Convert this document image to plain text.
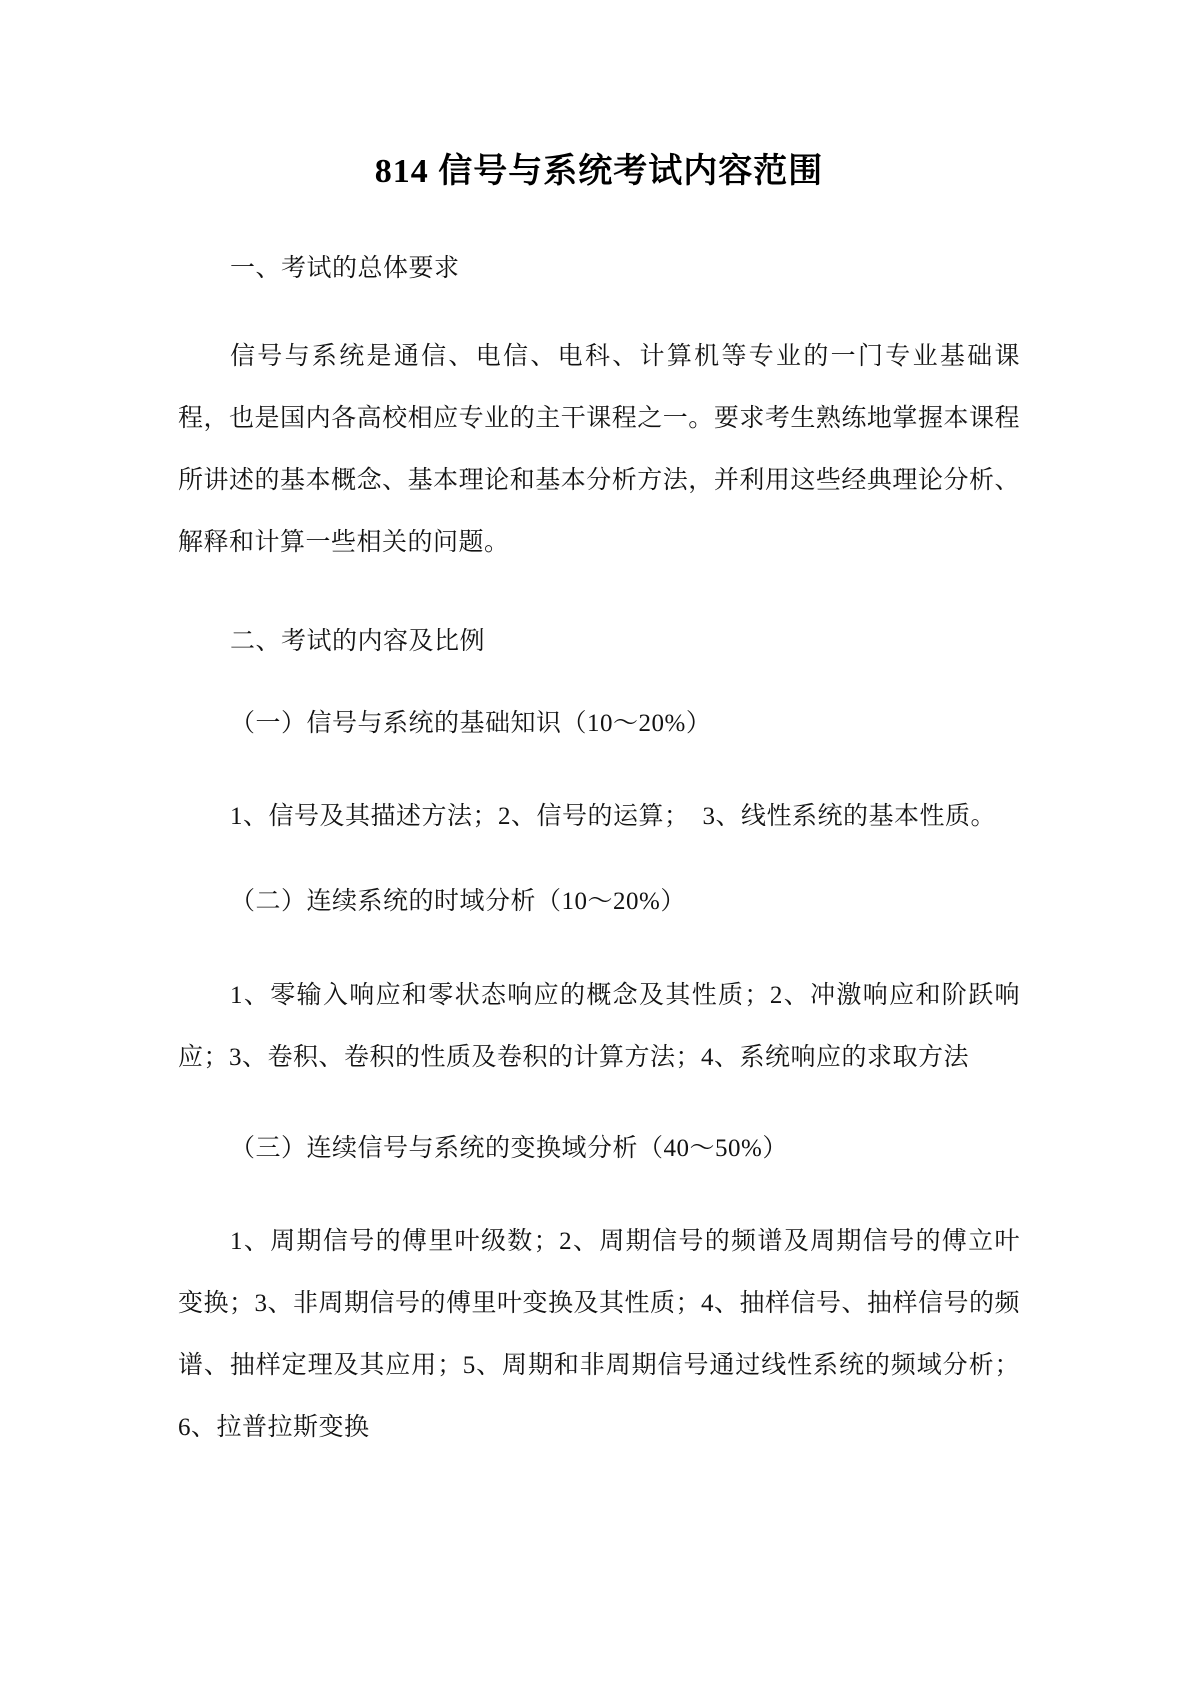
814 信号与系统考试内容范围

一、考试的总体要求

信号与系统是通信、电信、电科、计算机等专业的一门专业基础课程，也是国内各高校相应专业的主干课程之一。要求考生熟练地掌握本课程所讲述的基本概念、基本理论和基本分析方法，并利用这些经典理论分析、解释和计算一些相关的问题。

二、考试的内容及比例

（一）信号与系统的基础知识（10～20%）

1、信号及其描述方法；2、信号的运算；　3、线性系统的基本性质。

（二）连续系统的时域分析（10～20%）

1、零输入响应和零状态响应的概念及其性质；2、冲激响应和阶跃响应；3、卷积、卷积的性质及卷积的计算方法；4、系统响应的求取方法

（三）连续信号与系统的变换域分析（40～50%）

1、周期信号的傅里叶级数；2、周期信号的频谱及周期信号的傅立叶变换；3、非周期信号的傅里叶变换及其性质；4、抽样信号、抽样信号的频谱、抽样定理及其应用；5、周期和非周期信号通过线性系统的频域分析；6、拉普拉斯变换
